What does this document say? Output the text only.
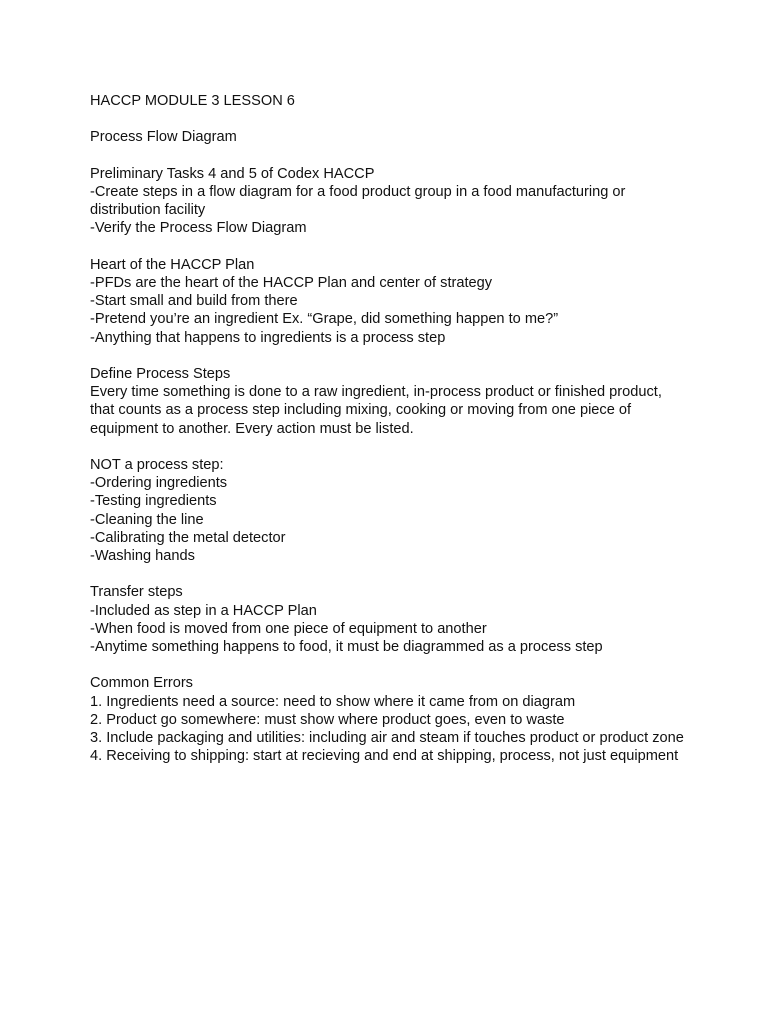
HACCP MODULE 3 LESSON 6
Process Flow Diagram
Preliminary Tasks 4 and 5 of Codex HACCP
-Create steps in a flow diagram for a food product group in a food manufacturing or distribution facility
-Verify the Process Flow Diagram
Heart of the HACCP Plan
-PFDs are the heart of the HACCP Plan and center of strategy
-Start small and build from there
-Pretend you’re an ingredient Ex. “Grape, did something happen to me?”
-Anything that happens to ingredients is a process step
Define Process Steps
Every time something is done to a raw ingredient, in-process product or finished product, that counts as a process step including mixing, cooking or moving from one piece of equipment to another. Every action must be listed.
NOT a process step:
-Ordering ingredients
-Testing ingredients
-Cleaning the line
-Calibrating the metal detector
-Washing hands
Transfer steps
-Included as step in a HACCP Plan
-When food is moved from one piece of equipment to another
-Anytime something happens to food, it must be diagrammed as a process step
Common Errors
1. Ingredients need a source: need to show where it came from on diagram
2. Product go somewhere: must show where product goes, even to waste
3. Include packaging and utilities: including air and steam if touches product or product zone
4. Receiving to shipping: start at recieving and end at shipping, process, not just equipment
